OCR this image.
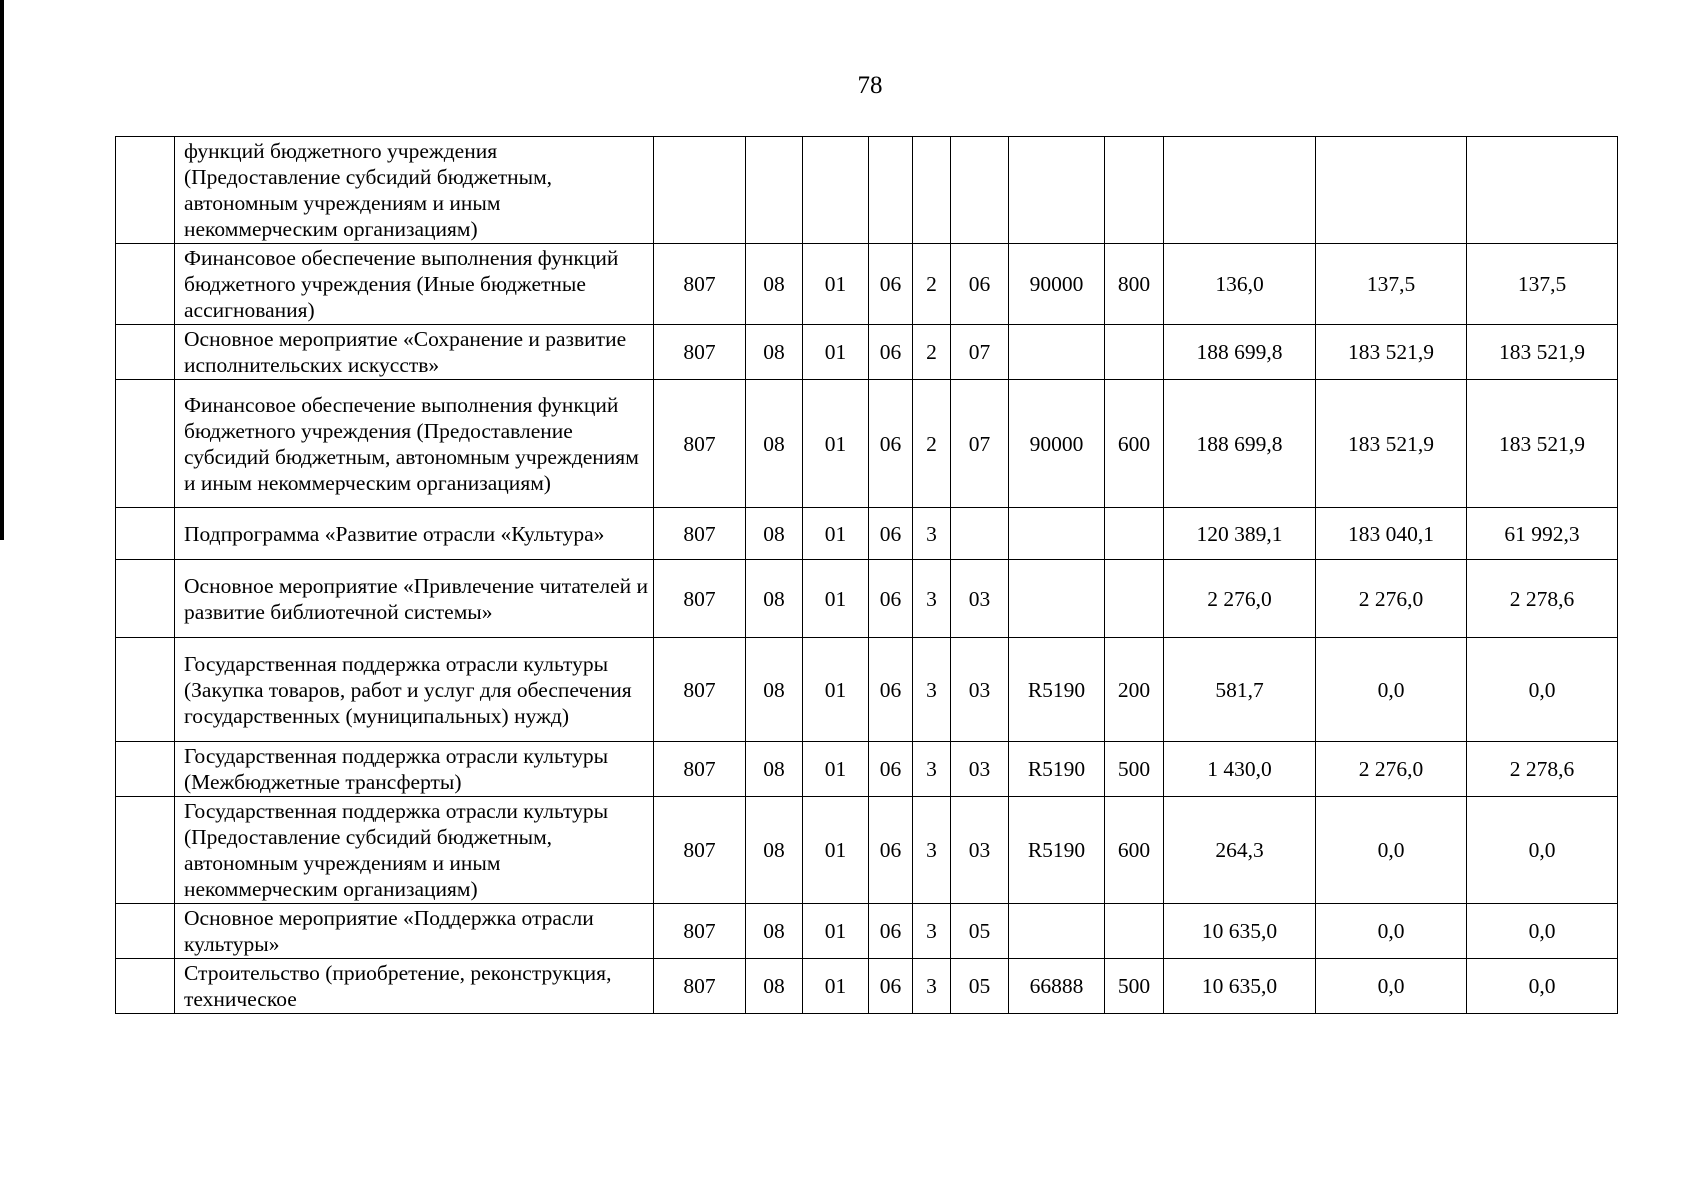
78
	функций бюджетного учреждения (Предоставление субсидий бюджетным, автономным учреждениям и иным некоммерческим организациям)											
	Финансовое обеспечение выполнения функций бюджетного учреждения (Иные бюджетные ассигнования)	807	08	01	06	2	06	90000	800	136,0	137,5	137,5
	Основное мероприятие «Сохранение и развитие исполнительских искусств»	807	08	01	06	2	07			188 699,8	183 521,9	183 521,9
	Финансовое обеспечение выполнения функций бюджетного учреждения (Предоставление субсидий бюджетным, автономным учреждениям и иным некоммерческим организациям)	807	08	01	06	2	07	90000	600	188 699,8	183 521,9	183 521,9
	Подпрограмма «Развитие отрасли «Культура»	807	08	01	06	3				120 389,1	183 040,1	61 992,3
	Основное мероприятие «Привлечение читателей и развитие библиотечной системы»	807	08	01	06	3	03			2 276,0	2 276,0	2 278,6
	Государственная поддержка отрасли культуры (Закупка товаров, работ и услуг для обеспечения государственных (муниципальных) нужд)	807	08	01	06	3	03	R5190	200	581,7	0,0	0,0
	Государственная поддержка отрасли культуры (Межбюджетные трансферты)	807	08	01	06	3	03	R5190	500	1 430,0	2 276,0	2 278,6
	Государственная поддержка отрасли культуры (Предоставление субсидий бюджетным, автономным учреждениям и иным некоммерческим организациям)	807	08	01	06	3	03	R5190	600	264,3	0,0	0,0
	Основное мероприятие «Поддержка отрасли культуры»	807	08	01	06	3	05			10 635,0	0,0	0,0
	Строительство (приобретение, реконструкция, техническое	807	08	01	06	3	05	66888	500	10 635,0	0,0	0,0
